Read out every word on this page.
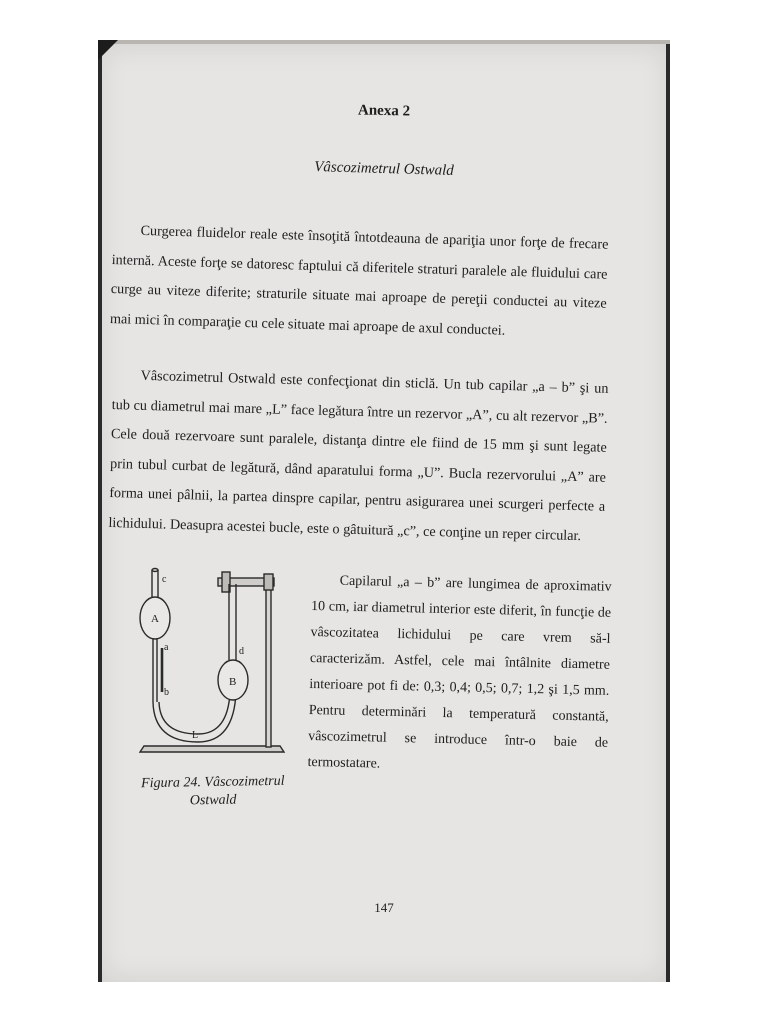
Anexa 2
Vâscozimetrul Ostwald

Curgerea fluidelor reale este însoţită întotdeauna de apariţia unor forţe de frecare internă. Aceste forţe se datoresc faptului că diferitele straturi paralele ale fluidului care curge au viteze diferite; straturile situate mai aproape de pereţii conductei au viteze mai mici în comparaţie cu cele situate mai aproape de axul conductei.

Vâscozimetrul Ostwald este confecţionat din sticlă. Un tub capilar „a – b” şi un tub cu diametrul mai mare „L” face legătura între un rezervor „A”, cu alt rezervor „B”. Cele două rezervoare sunt paralele, distanţa dintre ele fiind de 15 mm şi sunt legate prin tubul curbat de legătură, dând aparatului forma „U”. Bucla rezervorului „A” are forma unei pâlnii, la partea dinspre capilar, pentru asigurarea unei scurgeri perfecte a lichidului. Deasupra acestei bucle, este o gâtuitură „c”, ce conţine un reper circular.

c
A
a
b
d
B
L
Figura 24. Vâscozimetrul
Ostwald

Capilarul „a – b” are lungimea de aproximativ 10 cm, iar diametrul interior este diferit, în funcţie de vâscozitatea lichidului pe care vrem să-l caracterizăm. Astfel, cele mai întâlnite diametre interioare pot fi de: 0,3; 0,4; 0,5; 0,7; 1,2 şi 1,5 mm. Pentru determinări la temperatură constantă, vâscozimetrul se introduce într-o baie de termostatare.

147
